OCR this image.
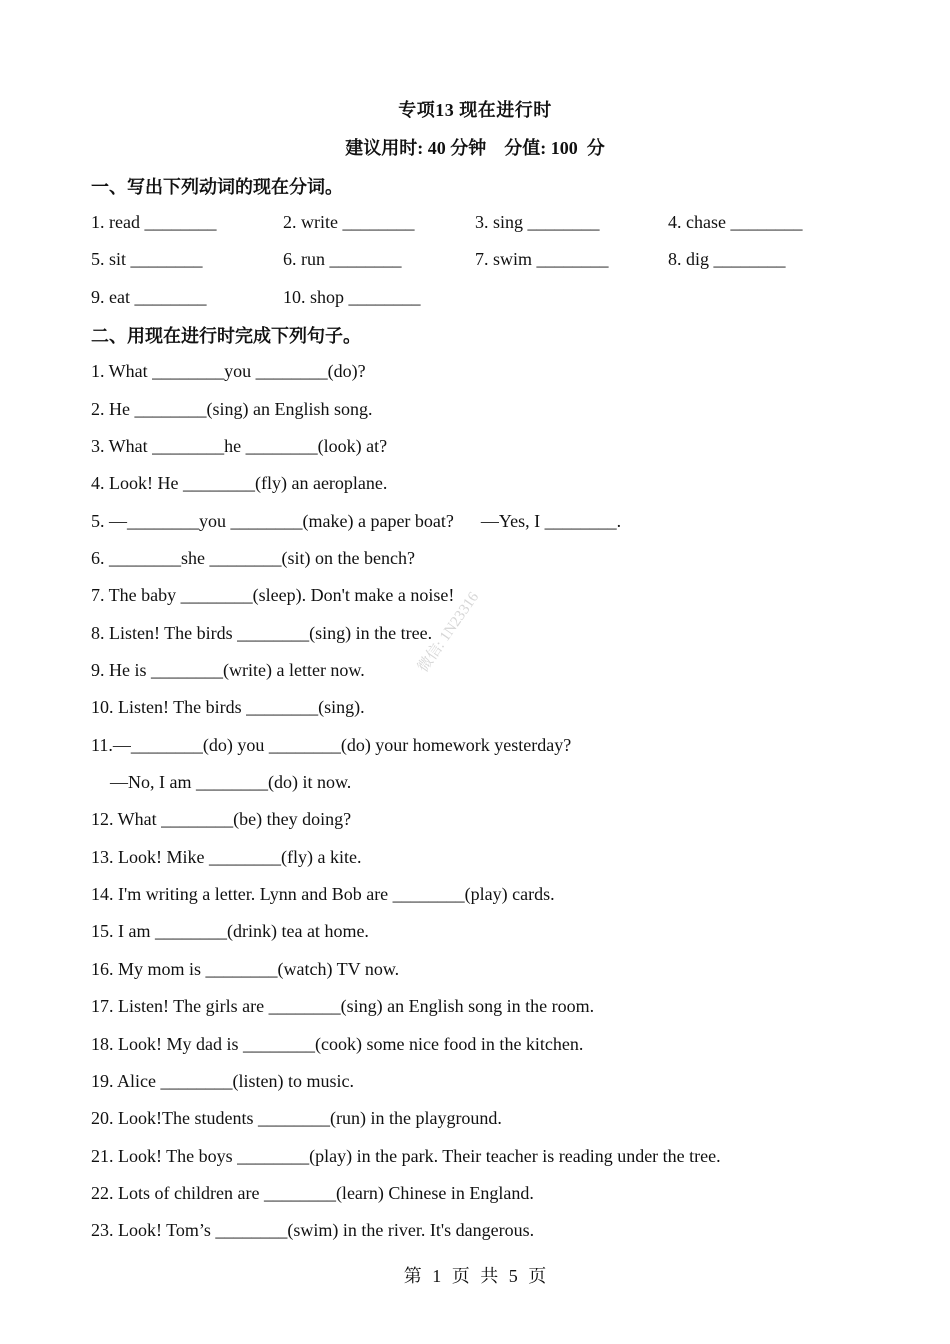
专项13 现在进行时
建议用时: 40 分钟    分值: 100  分
一、写出下列动词的现在分词。
1. read ________	2. write ________	3. sing ________	4. chase ________
5. sit ________	6. run ________	7. swim ________	8. dig ________
9. eat ________	10. shop ________
二、用现在进行时完成下列句子。
1. What ________you ________(do)?
2. He ________(sing) an English song.
3. What ________he ________(look) at?
4. Look! He ________(fly) an aeroplane.
5. —________you ________(make) a paper boat?      —Yes, I ________.
6. ________she ________(sit) on the bench?
7. The baby ________(sleep). Don't make a noise!
8. Listen! The birds ________(sing) in the tree.
9. He is ________(write) a letter now.
10. Listen! The birds ________(sing).
11.—________(do) you ________(do) your homework yesterday?
—No, I am ________(do) it now.
12. What ________(be) they doing?
13. Look! Mike ________(fly) a kite.
14. I'm writing a letter. Lynn and Bob are ________(play) cards.
15. I am ________(drink) tea at home.
16. My mom is ________(watch) TV now.
17. Listen! The girls are ________(sing) an English song in the room.
18. Look! My dad is ________(cook) some nice food in the kitchen.
19. Alice ________(listen) to music.
20. Look!The students ________(run) in the playground.
21. Look! The boys ________(play) in the park. Their teacher is reading under the tree.
22. Lots of children are ________(learn) Chinese in England.
23. Look! Tom’s ________(swim) in the river. It's dangerous.
微信: 1N23316
第 1 页 共 5 页
